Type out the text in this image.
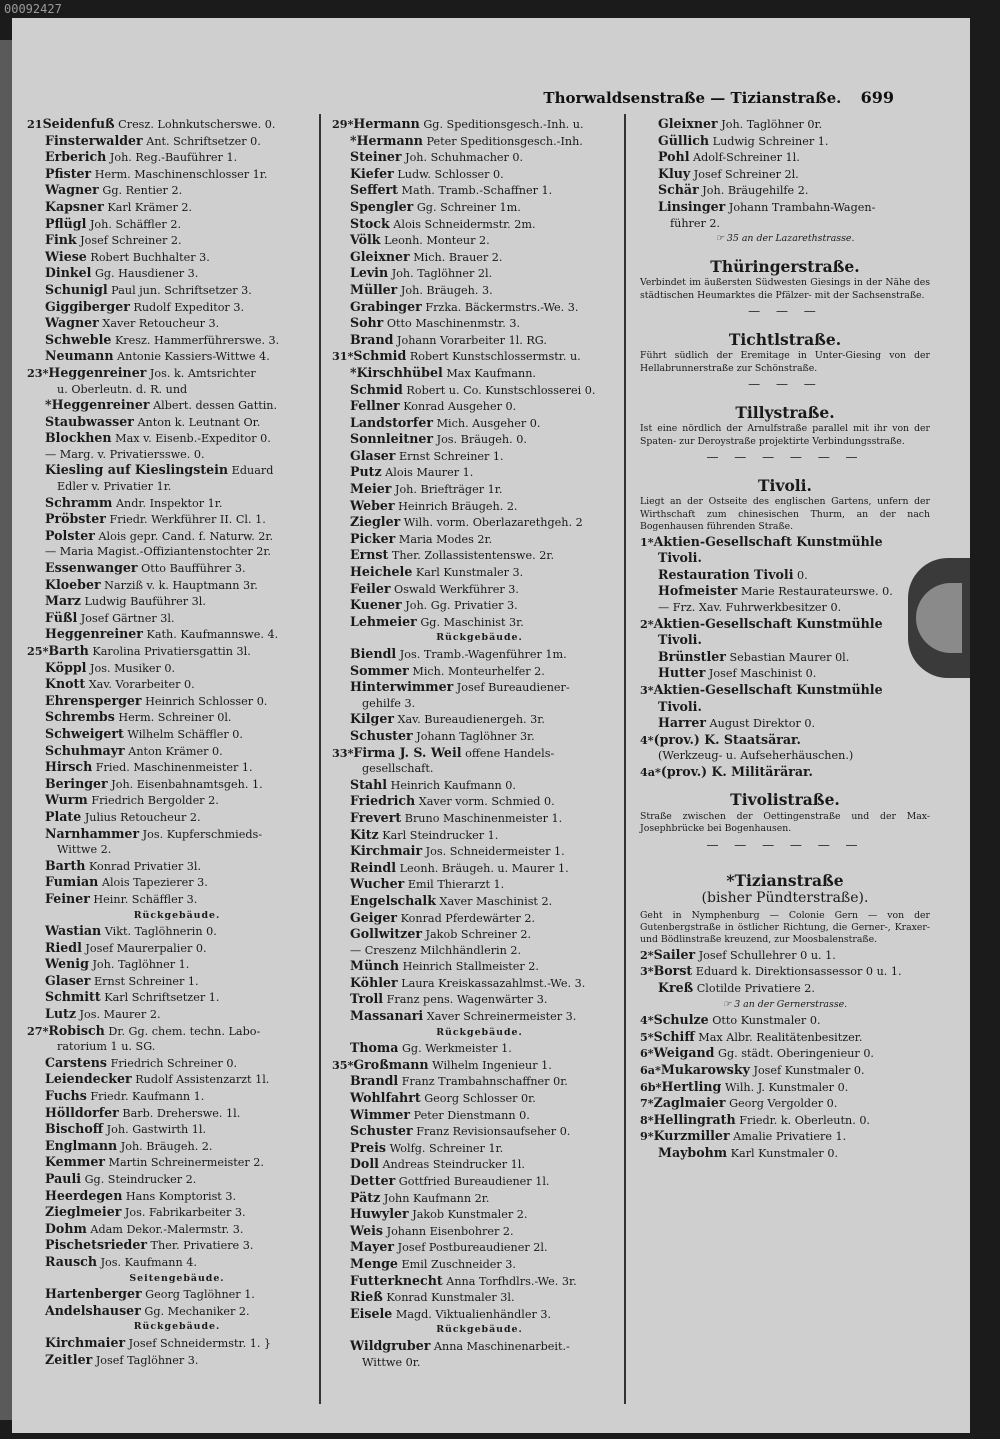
00092427
Thorwaldsenstraße — Tizianstraße. 699
21Seidenfuß Cresz. Lohnkutscherswe. 0.
Finsterwalder Ant. Schriftsetzer 0.
Erberich Joh. Reg.-Bauführer 1.
Pfister Herm. Maschinenschlosser 1r.
Wagner Gg. Rentier 2.
Kapsner Karl Krämer 2.
Pflügl Joh. Schäffler 2.
Fink Josef Schreiner 2.
Wiese Robert Buchhalter 3.
Dinkel Gg. Hausdiener 3.
Schunigl Paul jun. Schriftsetzer 3.
Giggiberger Rudolf Expeditor 3.
Wagner Xaver Retoucheur 3.
Schweble Kresz. Hammerführerswe. 3.
Neumann Antonie Kassiers-Wittwe 4.
23*Heggenreiner Jos. k. Amtsrichter
u. Oberleutn. d. R. und
*Heggenreiner Albert. dessen Gattin.
Staubwasser Anton k. Leutnant Or.
Blockhen Max v. Eisenb.-Expeditor 0.
— Marg. v. Privatiersswe. 0.
Kiesling auf Kieslingstein Eduard
Edler v. Privatier 1r.
Schramm Andr. Inspektor 1r.
Pröbster Friedr. Werkführer II. Cl. 1.
Polster Alois gepr. Cand. f. Naturw. 2r.
— Maria Magist.-Offiziantenstochter 2r.
Essenwanger Otto Baufführer 3.
Kloeber Narziß v. k. Hauptmann 3r.
Marz Ludwig Bauführer 3l.
Füßl Josef Gärtner 3l.
Heggenreiner Kath. Kaufmannswe. 4.
25*Barth Karolina Privatiersgattin 3l.
Köppl Jos. Musiker 0.
Knott Xav. Vorarbeiter 0.
Ehrensperger Heinrich Schlosser 0.
Schrembs Herm. Schreiner 0l.
Schweigert Wilhelm Schäffler 0.
Schuhmayr Anton Krämer 0.
Hirsch Fried. Maschinenmeister 1.
Beringer Joh. Eisenbahnamtsgeh. 1.
Wurm Friedrich Bergolder 2.
Plate Julius Retoucheur 2.
Narnhammer Jos. Kupferschmieds-
Wittwe 2.
Barth Konrad Privatier 3l.
Fumian Alois Tapezierer 3.
Feiner Heinr. Schäffler 3.
Rückgebäude.
Wastian Vikt. Taglöhnerin 0.
Riedl Josef Maurerpalier 0.
Wenig Joh. Taglöhner 1.
Glaser Ernst Schreiner 1.
Schmitt Karl Schriftsetzer 1.
Lutz Jos. Maurer 2.
27*Robisch Dr. Gg. chem. techn. Labo-
ratorium 1 u. SG.
Carstens Friedrich Schreiner 0.
Leiendecker Rudolf Assistenzarzt 1l.
Fuchs Friedr. Kaufmann 1.
Hölldorfer Barb. Dreherswe. 1l.
Bischoff Joh. Gastwirth 1l.
Englmann Joh. Bräugeh. 2.
Kemmer Martin Schreinermeister 2.
Pauli Gg. Steindrucker 2.
Heerdegen Hans Komptorist 3.
Zieglmeier Jos. Fabrikarbeiter 3.
Dohm Adam Dekor.-Malermstr. 3.
Pischetsrieder Ther. Privatiere 3.
Rausch Jos. Kaufmann 4.
Seitengebäude.
Hartenberger Georg Taglöhner 1.
Andelshauser Gg. Mechaniker 2.
Rückgebäude.
Kirchmaier Josef Schneidermstr. 1. }
Zeitler Josef Taglöhner 3.
29*Hermann Gg. Speditionsgesch.-Inh. u.
*Hermann Peter Speditionsgesch.-Inh.
Steiner Joh. Schuhmacher 0.
Kiefer Ludw. Schlosser 0.
Seffert Math. Tramb.-Schaffner 1.
Spengler Gg. Schreiner 1m.
Stock Alois Schneidermstr. 2m.
Völk Leonh. Monteur 2.
Gleixner Mich. Brauer 2.
Levin Joh. Taglöhner 2l.
Müller Joh. Bräugeh. 3.
Grabinger Frzka. Bäckermstrs.-We. 3.
Sohr Otto Maschinenmstr. 3.
Brand Johann Vorarbeiter 1l. RG.
31*Schmid Robert Kunstschlossermstr. u.
*Kirschhübel Max Kaufmann.
Schmid Robert u. Co. Kunstschlosserei 0.
Fellner Konrad Ausgeher 0.
Landstorfer Mich. Ausgeher 0.
Sonnleitner Jos. Bräugeh. 0.
Glaser Ernst Schreiner 1.
Putz Alois Maurer 1.
Meier Joh. Briefträger 1r.
Weber Heinrich Bräugeh. 2.
Ziegler Wilh. vorm. Oberlazarethgeh. 2
Picker Maria Modes 2r.
Ernst Ther. Zollassistentenswe. 2r.
Heichele Karl Kunstmaler 3.
Feiler Oswald Werkführer 3.
Kuener Joh. Gg. Privatier 3.
Lehmeier Gg. Maschinist 3r.
Rückgebäude.
Biendl Jos. Tramb.-Wagenführer 1m.
Sommer Mich. Monteurhelfer 2.
Hinterwimmer Josef Bureaudiener-
gehilfe 3.
Kilger Xav. Bureaudienergeh. 3r.
Schuster Johann Taglöhner 3r.
33*Firma J. S. Weil offene Handels-
gesellschaft.
Stahl Heinrich Kaufmann 0.
Friedrich Xaver vorm. Schmied 0.
Frevert Bruno Maschinenmeister 1.
Kitz Karl Steindrucker 1.
Kirchmair Jos. Schneidermeister 1.
Reindl Leonh. Bräugeh. u. Maurer 1.
Wucher Emil Thierarzt 1.
Engelschalk Xaver Maschinist 2.
Geiger Konrad Pferdewärter 2.
Gollwitzer Jakob Schreiner 2.
— Creszenz Milchhändlerin 2.
Münch Heinrich Stallmeister 2.
Köhler Laura Kreiskassazahlmst.-We. 3.
Troll Franz pens. Wagenwärter 3.
Massanari Xaver Schreinermeister 3.
Rückgebäude.
Thoma Gg. Werkmeister 1.
35*Großmann Wilhelm Ingenieur 1.
Brandl Franz Trambahnschaffner 0r.
Wohlfahrt Georg Schlosser 0r.
Wimmer Peter Dienstmann 0.
Schuster Franz Revisionsaufseher 0.
Preis Wolfg. Schreiner 1r.
Doll Andreas Steindrucker 1l.
Detter Gottfried Bureaudiener 1l.
Pätz John Kaufmann 2r.
Huwyler Jakob Kunstmaler 2.
Weis Johann Eisenbohrer 2.
Mayer Josef Postbureaudiener 2l.
Menge Emil Zuschneider 3.
Futterknecht Anna Torfhdlrs.-We. 3r.
Rieß Konrad Kunstmaler 3l.
Eisele Magd. Viktualienhändler 3.
Rückgebäude.
Wildgruber Anna Maschinenarbeit.-
Wittwe 0r.
Gleixner Joh. Taglöhner 0r.
Güllich Ludwig Schreiner 1.
Pohl Adolf-Schreiner 1l.
Kluy Josef Schreiner 2l.
Schär Joh. Bräugehilfe 2.
Linsinger Johann Trambahn-Wagen-
führer 2.
☞ 35 an der Lazarethstrasse.
Thüringerstraße.

Verbindet im äußersten Südwesten Giesings in der Nähe des städtischen Heumarktes die Pfälzer- mit der Sachsenstraße.

— — —
Tichtlstraße.

Führt südlich der Eremitage in Unter-Giesing von der Hellabrunnerstraße zur Schönstraße.

— — —
Tillystraße.

Ist eine nördlich der Arnulfstraße parallel mit ihr von der Spaten- zur Deroystraße projektirte Verbindungsstraße.

— — — — — —
Tivoli.

Liegt an der Ostseite des englischen Gartens, unfern der Wirthschaft zum chinesischen Thurm, an der nach Bogenhausen führenden Straße.

1*Aktien-Gesellschaft Kunstmühle
Tivoli.
Restauration Tivoli 0.
Hofmeister Marie Restaurateurswe. 0.
— Frz. Xav. Fuhrwerkbesitzer 0.
2*Aktien-Gesellschaft Kunstmühle
Tivoli.
Brünstler Sebastian Maurer 0l.
Hutter Josef Maschinist 0.
3*Aktien-Gesellschaft Kunstmühle
Tivoli.
Harrer August Direktor 0.
4*(prov.) K. Staatsärar.
(Werkzeug- u. Aufseherhäuschen.)
4a*(prov.) K. Militärärar.
Tivolistraße.

Straße zwischen der Oettingenstraße und der Max-Josephbrücke bei Bogenhausen.

— — — — — —
*Tizianstraße
(bisher Pündterstraße).

Geht in Nymphenburg — Colonie Gern — von der Gutenbergstraße in östlicher Richtung, die Gerner-, Kraxer- und Bödlinstraße kreuzend, zur Moosbalenstraße.

2*Sailer Josef Schullehrer 0 u. 1.
3*Borst Eduard k. Direktionsassessor 0 u. 1.
Kreß Clotilde Privatiere 2.
☞ 3 an der Gernerstrasse.
4*Schulze Otto Kunstmaler 0.
5*Schiff Max Albr. Realitätenbesitzer.
6*Weigand Gg. städt. Oberingenieur 0.
6a*Mukarowsky Josef Kunstmaler 0.
6b*Hertling Wilh. J. Kunstmaler 0.
7*Zaglmaier Georg Vergolder 0.
8*Hellingrath Friedr. k. Oberleutn. 0.
9*Kurzmiller Amalie Privatiere 1.
Maybohm Karl Kunstmaler 0.
